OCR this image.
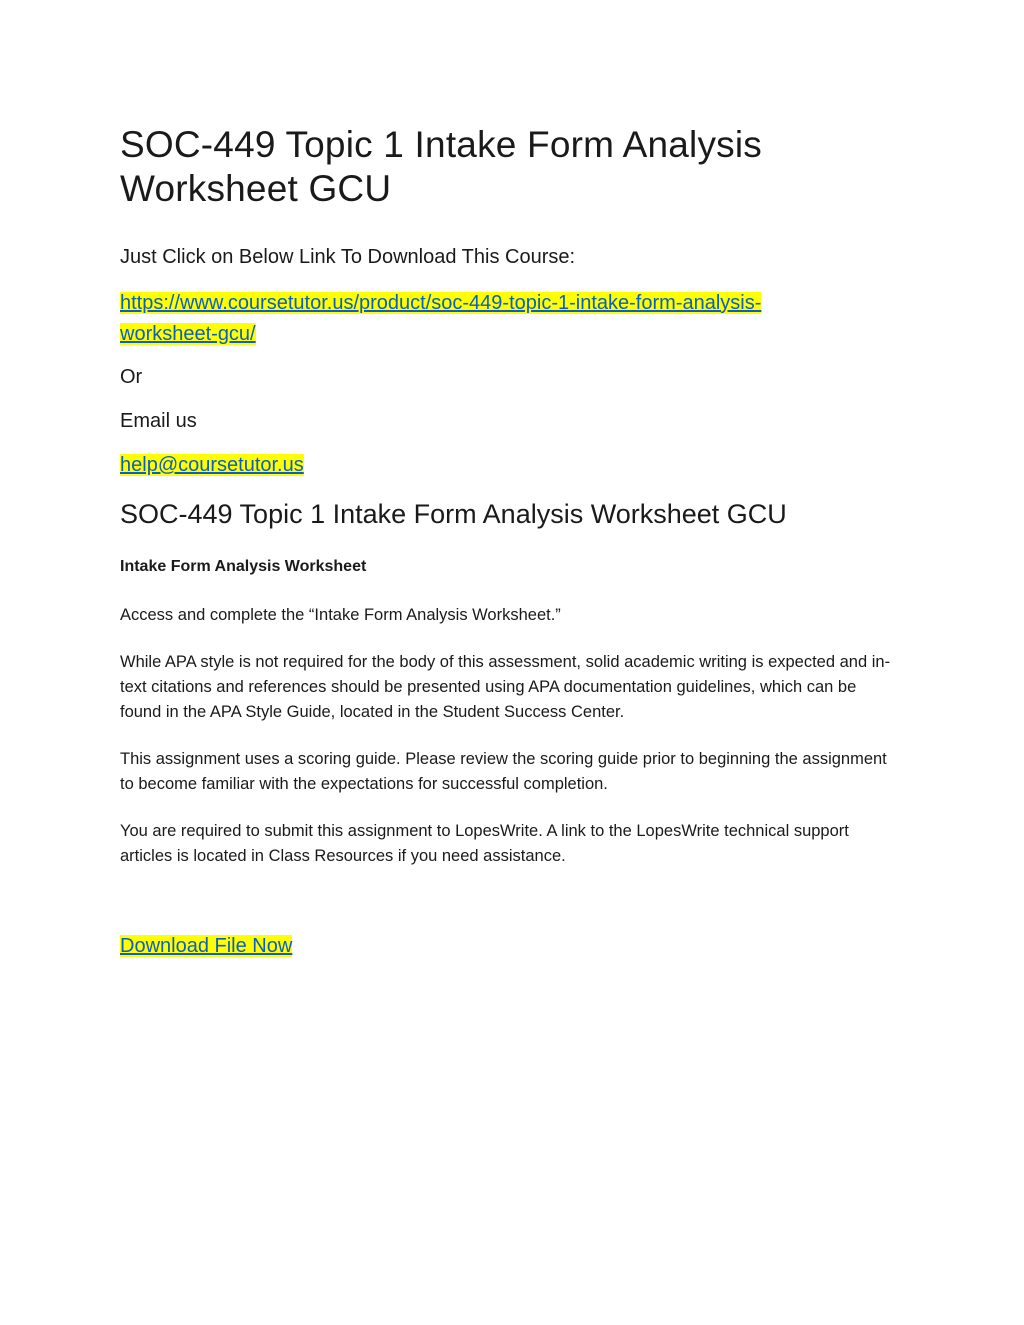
SOC-449 Topic 1 Intake Form Analysis Worksheet GCU

Just Click on Below Link To Download This Course:

https://www.coursetutor.us/product/soc-449-topic-1-intake-form-analysis-
worksheet-gcu/

Or

Email us

help@coursetutor.us

SOC-449 Topic 1 Intake Form Analysis Worksheet GCU

Intake Form Analysis Worksheet

Access and complete the “Intake Form Analysis Worksheet.”

While APA style is not required for the body of this assessment, solid academic writing is expected and in-text citations and references should be presented using APA documentation guidelines, which can be found in the APA Style Guide, located in the Student Success Center.

This assignment uses a scoring guide. Please review the scoring guide prior to beginning the assignment to become familiar with the expectations for successful completion.

You are required to submit this assignment to LopesWrite. A link to the LopesWrite technical support articles is located in Class Resources if you need assistance.

Download File Now
